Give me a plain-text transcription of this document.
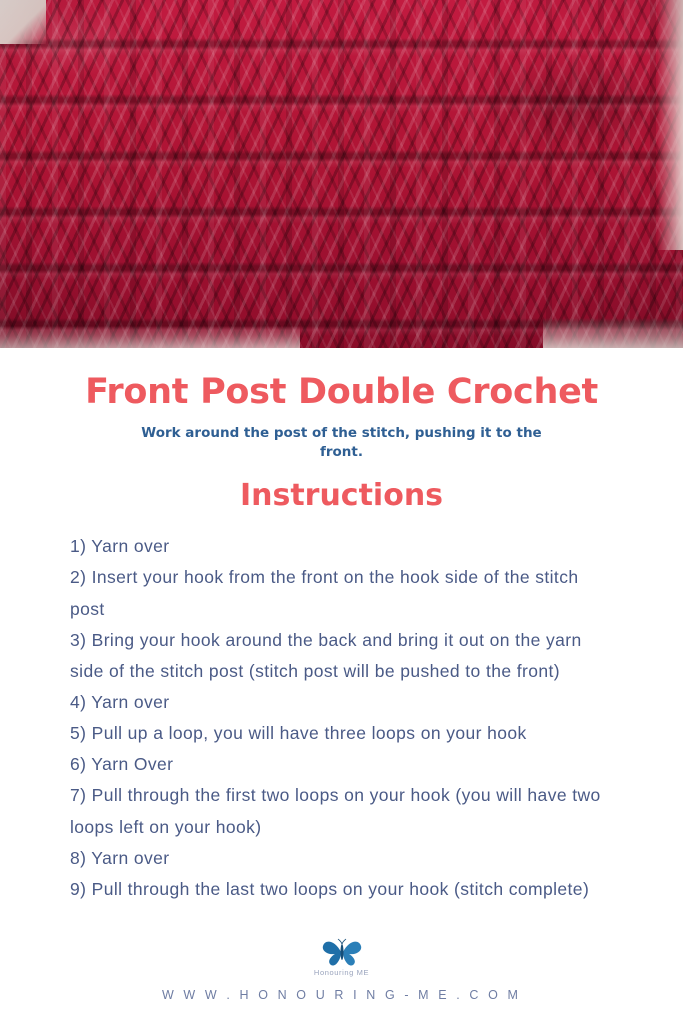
Front Post Double Crochet

Work around the post of the stitch, pushing it to the front.

Instructions
1) Yarn over
2) Insert your hook from the front on the hook side of the stitch post
3) Bring your hook around the back and bring it out on the yarn side of the stitch post (stitch post will be pushed to the front)
4) Yarn over
5) Pull up a loop, you will have three loops on your hook
6) Yarn Over
7) Pull through the first two loops on your hook (you will have two loops left on your hook)
8) Yarn over
9) Pull through the last two loops on your hook (stitch complete)
Honouring ME
W W W . H O N O U R I N G - M E . C O M
